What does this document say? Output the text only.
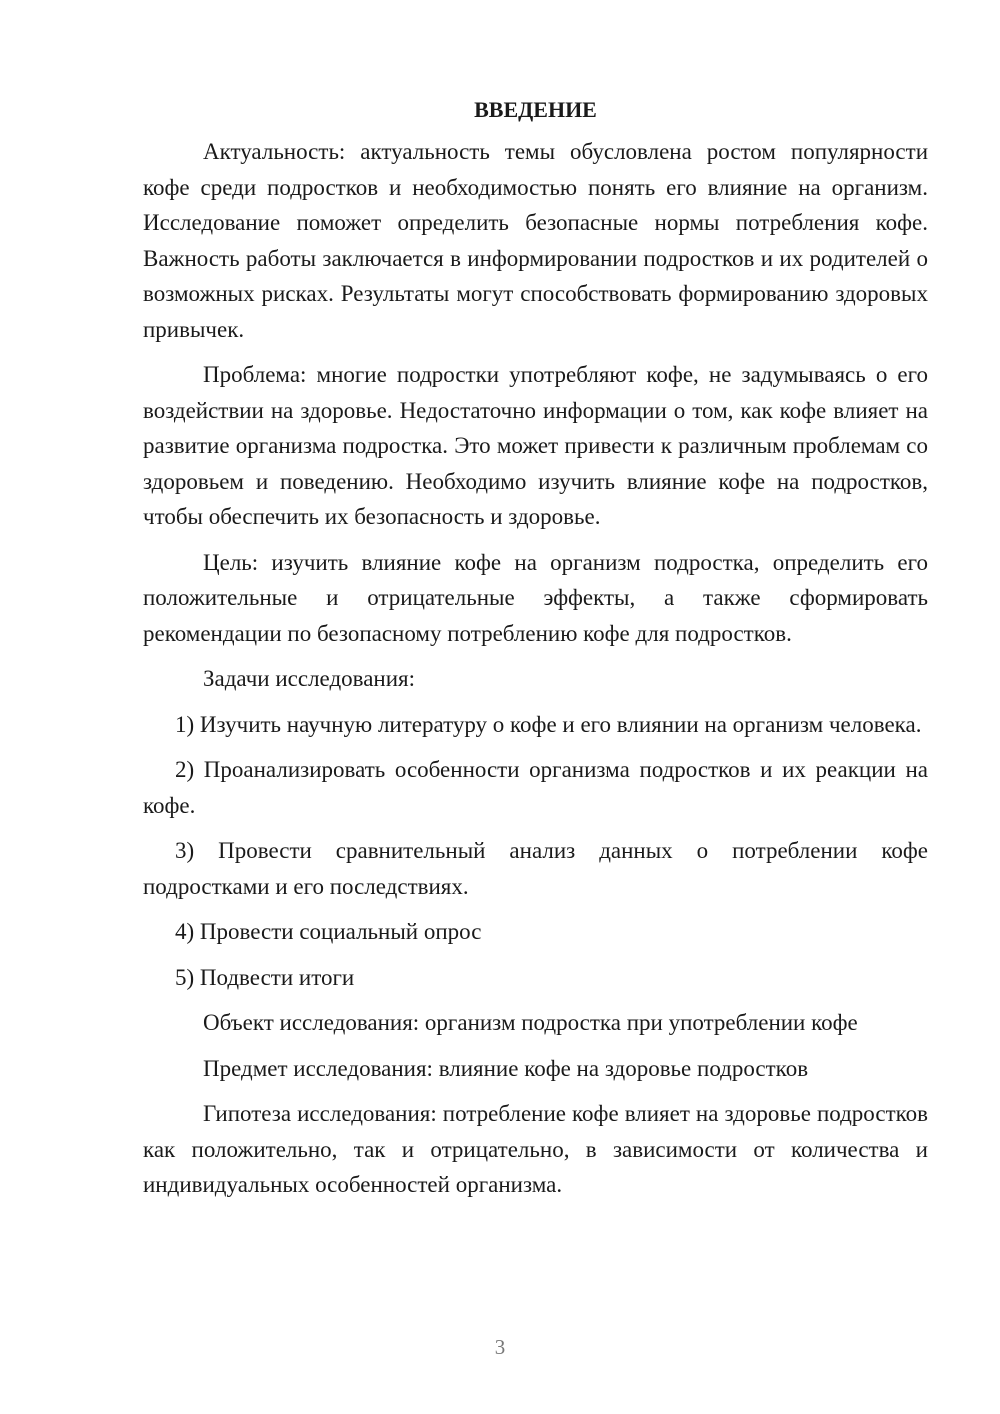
ВВЕДЕНИЕ

Актуальность: актуальность темы обусловлена ростом популярности кофе среди подростков и необходимостью понять его влияние на организм. Исследование поможет определить безопасные нормы потребления кофе. Важность работы заключается в информировании подростков и их родителей о возможных рисках. Результаты могут способствовать формированию здоровых привычек.

Проблема: многие подростки употребляют кофе, не задумываясь о его воздействии на здоровье. Недостаточно информации о том, как кофе влияет на развитие организма подростка. Это может привести к различным проблемам со здоровьем и поведению. Необходимо изучить влияние кофе на подростков, чтобы обеспечить их безопасность и здоровье.

Цель: изучить влияние кофе на организм подростка, определить его положительные и отрицательные эффекты, а также сформировать рекомендации по безопасному потреблению кофе для подростков.

Задачи исследования:

1) Изучить научную литературу о кофе и его влиянии на организм человека.

2) Проанализировать особенности организма подростков и их реакции на кофе.

3) Провести сравнительный анализ данных о потреблении кофе подростками и его последствиях.

4) Провести социальный опрос

5) Подвести итоги

Объект исследования: организм подростка при употреблении кофе

Предмет исследования: влияние кофе на здоровье подростков

Гипотеза исследования: потребление кофе влияет на здоровье подростков как положительно, так и отрицательно, в зависимости от количества и индивидуальных особенностей организма.

3
